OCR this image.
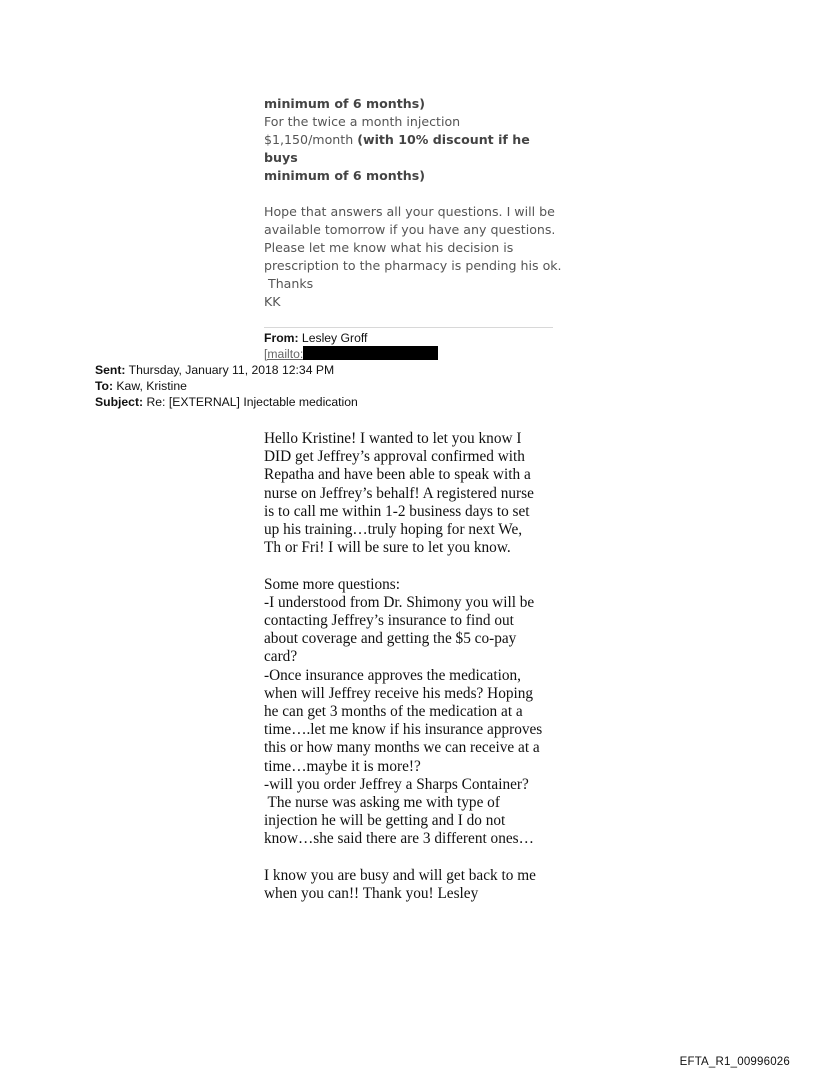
minimum of 6 months)

For the twice a month injection

$1,150/month (with 10% discount if he buys

minimum of 6 months)

Hope that answers all your questions. I will be

available tomorrow if you have any questions.

Please let me know what his decision is

prescription to the pharmacy is pending his ok.

Thanks

KK

From: Lesley Groff
[mailto:
Sent: Thursday, January 11, 2018 12:34 PM
To: Kaw, Kristine
Subject: Re: [EXTERNAL] Injectable medication

Hello Kristine! I wanted to let you know I

DID get Jeffrey’s approval confirmed with

Repatha and have been able to speak with a

nurse on Jeffrey’s behalf! A registered nurse

is to call me within 1-2 business days to set

up his training…truly hoping for next We,

Th or Fri! I will be sure to let you know.

Some more questions:

-I understood from Dr. Shimony you will be

contacting Jeffrey’s insurance to find out

about coverage and getting the $5 co-pay

card?

-Once insurance approves the medication,

when will Jeffrey receive his meds? Hoping

he can get 3 months of the medication at a

time….let me know if his insurance approves

this or how many months we can receive at a

time…maybe it is more!?

-will you order Jeffrey a Sharps Container?

The nurse was asking me with type of

injection he will be getting and I do not

know…she said there are 3 different ones…

I know you are busy and will get back to me

when you can!! Thank you! Lesley

EFTA_R1_00996026
